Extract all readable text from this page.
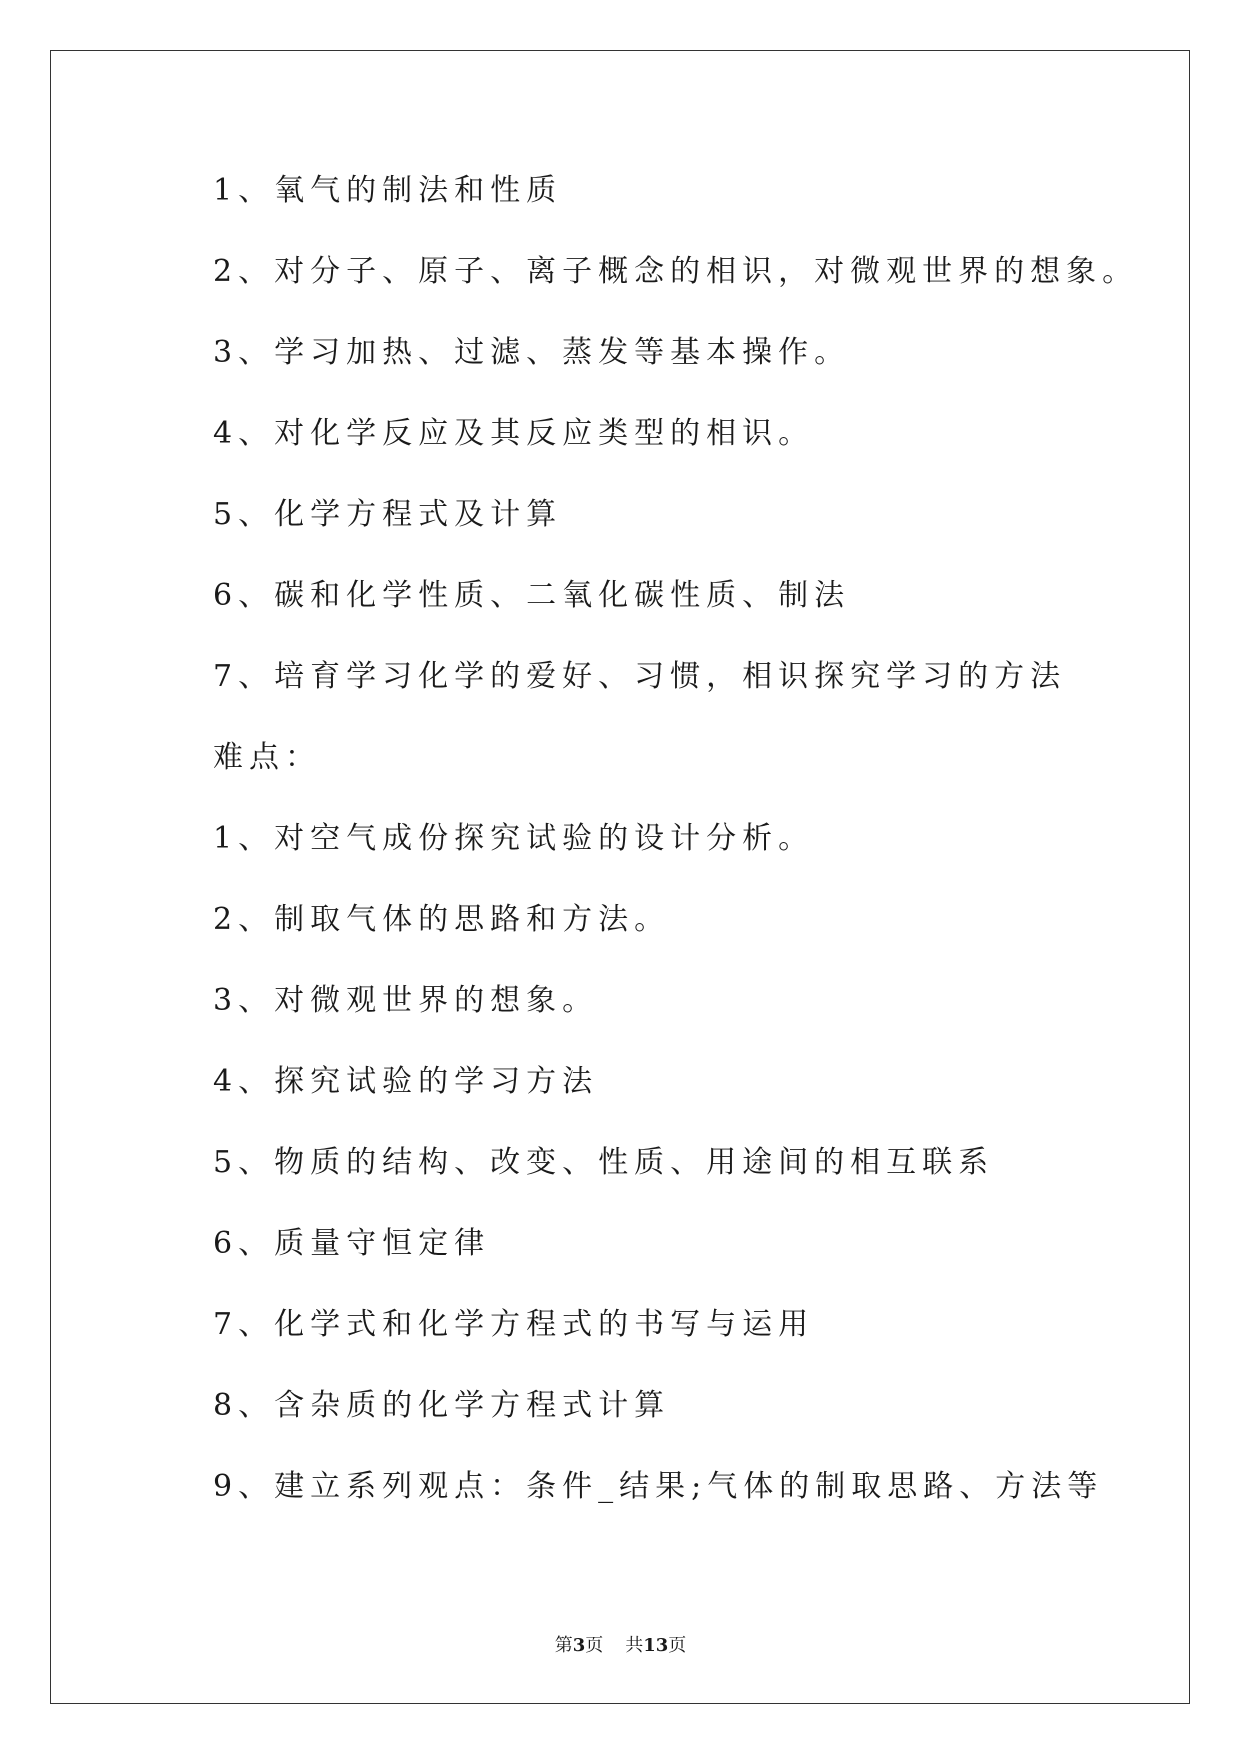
1、氧气的制法和性质
2、对分子、原子、离子概念的相识，对微观世界的想象。
3、学习加热、过滤、蒸发等基本操作。
4、对化学反应及其反应类型的相识。
5、化学方程式及计算
6、碳和化学性质、二氧化碳性质、制法
7、培育学习化学的爱好、习惯，相识探究学习的方法
难点：
1、对空气成份探究试验的设计分析。
2、制取气体的思路和方法。
3、对微观世界的想象。
4、探究试验的学习方法
5、物质的结构、改变、性质、用途间的相互联系
6、质量守恒定律
7、化学式和化学方程式的书写与运用
8、含杂质的化学方程式计算
9、建立系列观点：条件_结果;气体的制取思路、方法等
第3页 共13页
